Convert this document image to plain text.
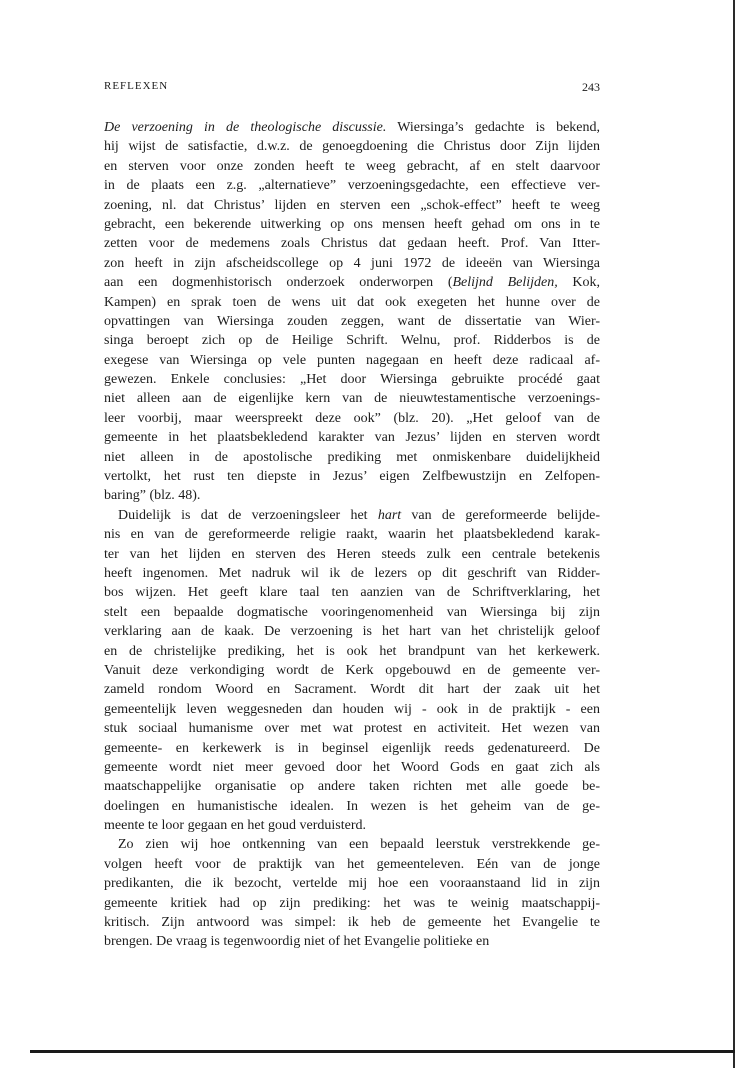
REFLEXEN	243
De verzoening in de theologische discussie. Wiersinga’s gedachte is bekend,
hij wijst de satisfactie, d.w.z. de genoegdoening die Christus door Zijn lijden
en sterven voor onze zonden heeft te weeg gebracht, af en stelt daarvoor
in de plaats een z.g. „alternatieve” verzoeningsgedachte, een effectieve ver-
zoening, nl. dat Christus’ lijden en sterven een „schok-effect” heeft te weeg
gebracht, een bekerende uitwerking op ons mensen heeft gehad om ons in te
zetten voor de medemens zoals Christus dat gedaan heeft. Prof. Van Itter-
zon heeft in zijn afscheidscollege op 4 juni 1972 de ideeën van Wiersinga
aan een dogmenhistorisch onderzoek onderworpen (Belijnd Belijden, Kok,
Kampen) en sprak toen de wens uit dat ook exegeten het hunne over de
opvattingen van Wiersinga zouden zeggen, want de dissertatie van Wier-
singa beroept zich op de Heilige Schrift. Welnu, prof. Ridderbos is de
exegese van Wiersinga op vele punten nagegaan en heeft deze radicaal af-
gewezen. Enkele conclusies: „Het door Wiersinga gebruikte procédé gaat
niet alleen aan de eigenlijke kern van de nieuwtestamentische verzoenings-
leer voorbij, maar weerspreekt deze ook” (blz. 20). „Het geloof van de
gemeente in het plaatsbekledend karakter van Jezus’ lijden en sterven wordt
niet alleen in de apostolische prediking met onmiskenbare duidelijkheid
vertolkt, het rust ten diepste in Jezus’ eigen Zelfbewustzijn en Zelfopen-
baring” (blz. 48).
Duidelijk is dat de verzoeningsleer het hart van de gereformeerde belijde-
nis en van de gereformeerde religie raakt, waarin het plaatsbekledend karak-
ter van het lijden en sterven des Heren steeds zulk een centrale betekenis
heeft ingenomen. Met nadruk wil ik de lezers op dit geschrift van Ridder-
bos wijzen. Het geeft klare taal ten aanzien van de Schriftverklaring, het
stelt een bepaalde dogmatische vooringenomenheid van Wiersinga bij zijn
verklaring aan de kaak. De verzoening is het hart van het christelijk geloof
en de christelijke prediking, het is ook het brandpunt van het kerkewerk.
Vanuit deze verkondiging wordt de Kerk opgebouwd en de gemeente ver-
zameld rondom Woord en Sacrament. Wordt dit hart der zaak uit het
gemeentelijk leven weggesneden dan houden wij - ook in de praktijk - een
stuk sociaal humanisme over met wat protest en activiteit. Het wezen van
gemeente- en kerkewerk is in beginsel eigenlijk reeds gedenatureerd. De
gemeente wordt niet meer gevoed door het Woord Gods en gaat zich als
maatschappelijke organisatie op andere taken richten met alle goede be-
doelingen en humanistische idealen. In wezen is het geheim van de ge-
meente te loor gegaan en het goud verduisterd.
Zo zien wij hoe ontkenning van een bepaald leerstuk verstrekkende ge-
volgen heeft voor de praktijk van het gemeenteleven. Eén van de jonge
predikanten, die ik bezocht, vertelde mij hoe een vooraanstaand lid in zijn
gemeente kritiek had op zijn prediking: het was te weinig maatschappij-
kritisch. Zijn antwoord was simpel: ik heb de gemeente het Evangelie te
brengen. De vraag is tegenwoordig niet of het Evangelie politieke en
